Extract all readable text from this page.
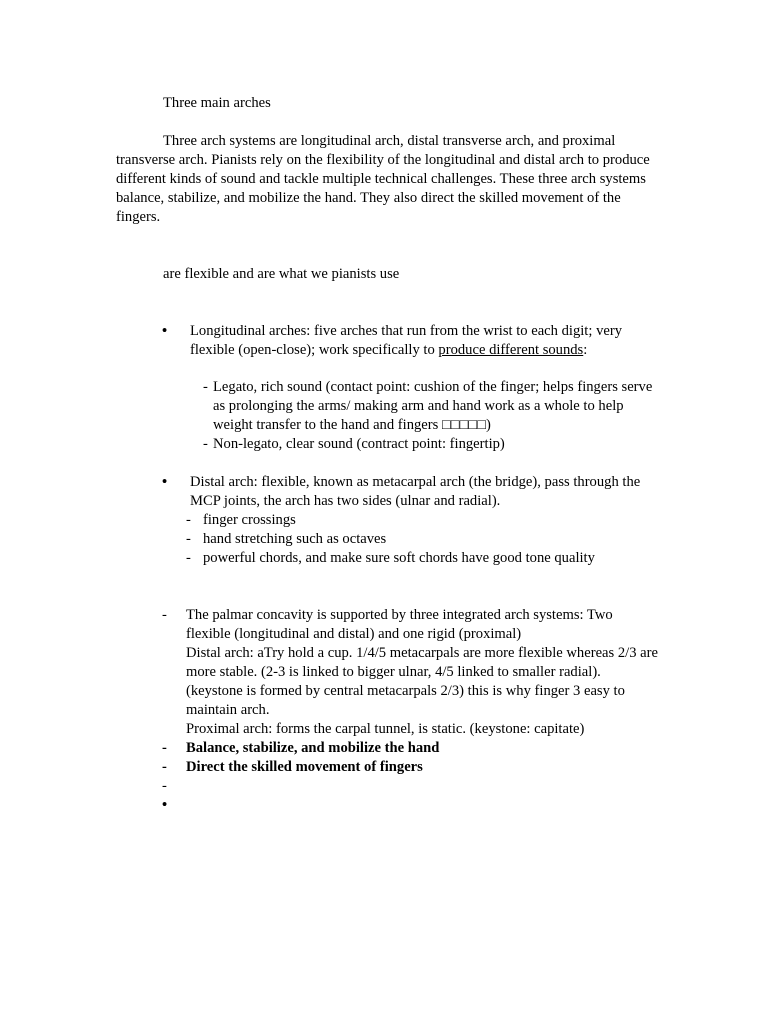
Three main arches
Three arch systems are longitudinal arch, distal transverse arch, and proximal transverse arch. Pianists rely on the flexibility of the longitudinal and distal arch to produce different kinds of sound and tackle multiple technical challenges. These three arch systems balance, stabilize, and mobilize the hand. They also direct the skilled movement of the fingers.
are flexible and are what we pianists use
•	Longitudinal arches: five arches that run from the wrist to each digit; very flexible (open-close); work specifically to produce different sounds:
- Legato, rich sound (contact point: cushion of the finger; helps fingers serve as prolonging the arms/ making arm and hand work as a whole to help weight transfer to the hand and fingers □□□□□)
- Non-legato, clear sound (contract point: fingertip)
•	Distal arch: flexible, known as metacarpal arch (the bridge), pass through the MCP joints, the arch has two sides (ulnar and radial).
- finger crossings
- hand stretching such as octaves
- powerful chords, and make sure soft chords have good tone quality
-	The palmar concavity is supported by three integrated arch systems: Two flexible (longitudinal and distal) and one rigid (proximal)
Distal arch: aTry hold a cup. 1/4/5 metacarpals are more flexible whereas 2/3 are more stable. (2-3 is linked to bigger ulnar, 4/5 linked to smaller radial). (keystone is formed by central metacarpals 2/3) this is why finger 3 easy to maintain arch.
Proximal arch: forms the carpal tunnel, is static. (keystone: capitate)
-	Balance, stabilize, and mobilize the hand
-	Direct the skilled movement of fingers
-
•
